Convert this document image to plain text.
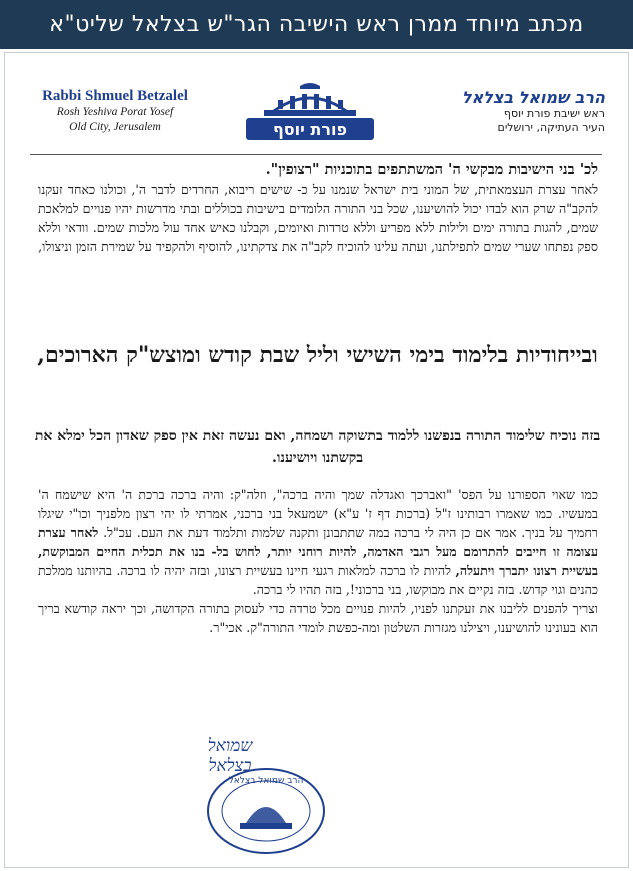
מכתב מיוחד ממרן ראש הישיבה הגר"ש בצלאל שליט"א
Rabbi Shmuel Betzalel
Rosh Yeshiva Porat Yosef
Old City, Jerusalem	פורת יוסף
הרב שמואל בצלאל
ראש ישיבת פורת יוסף
העיר העתיקה, ירושלים
לכ' בני הישיבות מבקשי ה' המשתתפים בתוכניות "רצופין".
לאחר עצרת העצמאתית, של המוני בית ישראל שנמנו על כ- שישים ריבוא, החרדים לדבר ה', וכולנו כאחד זעקנו להקב"ה שרק הוא לבדו יכול להושיענו, שכל בני התורה הלומדים בישיבות בכוללים ובתי מדרשות יהיו פנויים למלאכת שמים, להגות בתורה ימים ולילות ללא מפריע וללא טרדות ואיומים, וקבלנו כאיש אחד עול מלכות שמים. וודאי וללא ספק נפתחו שערי שמים לתפילתנו, ועתה עלינו להוכיח לקב"ה את צדקתינו, להוסיף ולהקפיד על שמירת הזמן וניצולו,
ובייחודיות בלימוד בימי השישי וליל שבת קודש ומוצש"ק הארוכים,
בזה נוכיח שלימוד התורה בנפשנו ללמוד בתשוקה ושמחה, ואם נעשה זאת אין ספק שאדון הכל ימלא את בקשתנו ויושיענו.
כמו שאוי הספורנו על הפס' "ואברכך ואגדלה שמך והיה ברכה", וזלה"ק: והיה ברכה ברכת ה' היא שישמח ה' במעשיו. כמו שאמרו רבותינו ז"ל (ברכות דף ז' ע"א) ישמעאל בני ברכני, אמרתי לו יהי רצון מלפניך וכו"י שיגלו רחמיך על בניך. אמר אם כן היה לי ברכה במה שתתבונן ותקנה שלמות ותלמוד דעת את העם. עכ"ל. לאחר עצרת עצומה זו חייבים להתרומם מעל רגבי האדמה, להיות רוחני יותר, לחוש בל- בנו את תכלית החיים המבוקשת, בעשיית רצונו יתברך ויתעלה, להיות לו ברכה למלאות רגעי חיינו בעשיית רצונו, ובזה יהיה לו ברכה. בהיותנו ממלכת כהנים וגוי קדוש. בזה נקיים את מבוקשו, בני ברכוני!, בזה תהיו לי ברכה.
וצריך להפנים לליבנו את זעקתנו לפניו, להיות פנויים מכל טרדה כדי לעסוק בתורה הקדושה, וכך יראה קודשא בריך הוא בעונינו להושיענו, ויצילנו מגזרות השלטון ומה-כפשת לומדי התורה"ק. אכי"ר.
שמואל בצלאל
הרב שמואל בצלאל
